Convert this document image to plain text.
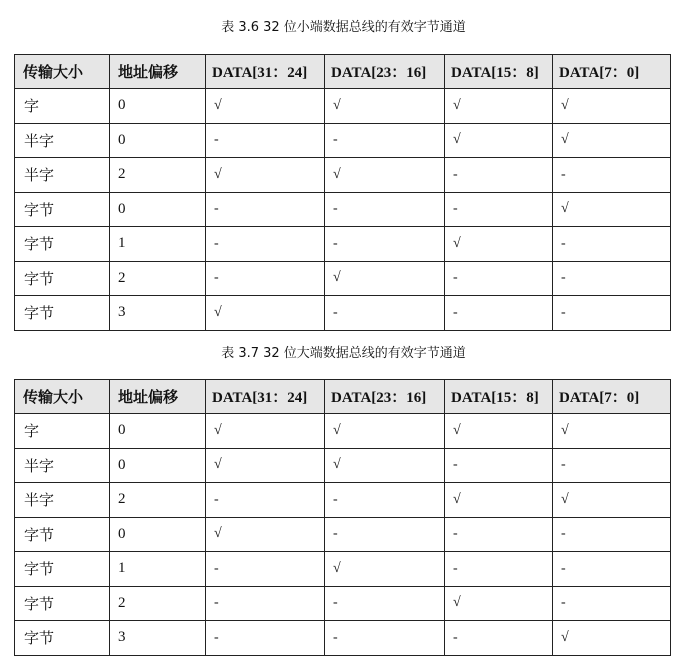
表 3.6 32 位小端数据总线的有效字节通道
传输大小	地址偏移	DATA[31：24]	DATA[23：16]	DATA[15：8]	DATA[7：0]
字	0	√	√	√	√
半字	0	-	-	√	√
半字	2	√	√	-	-
字节	0	-	-	-	√
字节	1	-	-	√	-
字节	2	-	√	-	-
字节	3	√	-	-	-
表 3.7 32 位大端数据总线的有效字节通道
传输大小	地址偏移	DATA[31：24]	DATA[23：16]	DATA[15：8]	DATA[7：0]
字	0	√	√	√	√
半字	0	√	√	-	-
半字	2	-	-	√	√
字节	0	√	-	-	-
字节	1	-	√	-	-
字节	2	-	-	√	-
字节	3	-	-	-	√
